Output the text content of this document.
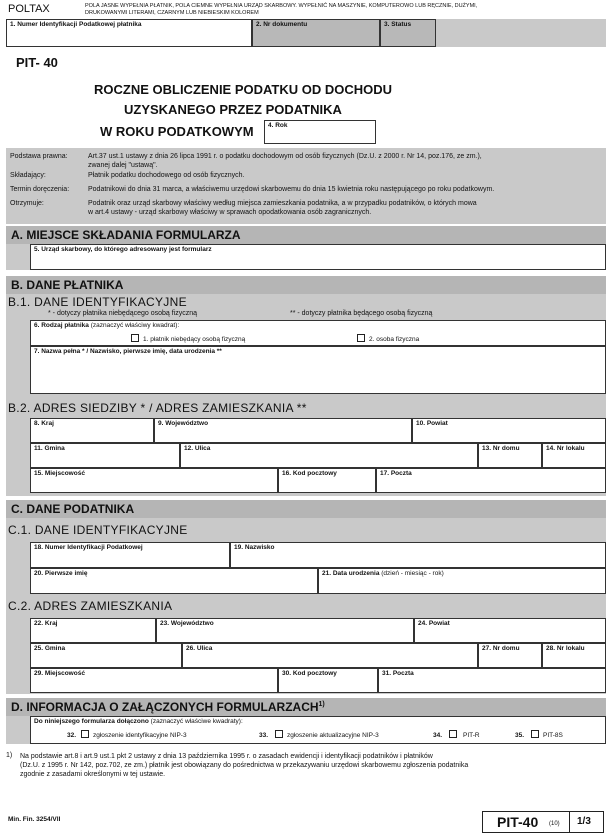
POLTAX	POLA JASNE WYPEŁNIA PŁATNIK, POLA CIEMNE WYPEŁNIA URZĄD SKARBOWY. WYPEŁNIĆ NA MASZYNIE, KOMPUTEROWO LUB RĘCZNIE, DUŻYMI,
DRUKOWANYMI LITERAMI, CZARNYM LUB NIEBIESKIM KOLOREM
1. Numer Identyfikacji Podatkowej płatnika	2. Nr dokumentu	3. Status
PIT- 40
ROCZNE OBLICZENIE PODATKU OD DOCHODU
UZYSKANEGO PRZEZ PODATNIKA
W ROKU PODATKOWYM 4. Rok
Podstawa prawna:	Art.37 ust.1 ustawy z dnia 26 lipca 1991 r. o podatku dochodowym od osób fizycznych (Dz.U. z 2000 r. Nr 14, poz.176, ze zm.),
zwanej dalej "ustawą".
Składający:	Płatnik podatku dochodowego od osób fizycznych.
Termin doręczenia:	Podatnikowi do dnia 31 marca, a właściwemu urzędowi skarbowemu do dnia 15 kwietnia roku następującego po roku podatkowym.
Otrzymuje:	Podatnik oraz urząd skarbowy właściwy według miejsca zamieszkania podatnika, a w przypadku podatników, o których mowa
w art.4 ustawy - urząd skarbowy właściwy w sprawach opodatkowania osób zagranicznych.
A. MIEJSCE SKŁADANIA FORMULARZA
5. Urząd skarbowy, do którego adresowany jest formularz
B. DANE PŁATNIKA
B.1. DANE IDENTYFIKACYJNE
* - dotyczy płatnika niebędącego osobą fizyczną	** - dotyczy płatnika będącego osobą fizyczną
6. Rodzaj płatnika (zaznaczyć właściwy kwadrat):
1. płatnik niebędący osobą fizyczną	2. osoba fizyczna
7. Nazwa pełna * / Nazwisko, pierwsze imię, data urodzenia **
B.2. ADRES SIEDZIBY * / ADRES ZAMIESZKANIA **
8. Kraj	9. Województwo	10. Powiat
11. Gmina	12. Ulica	13. Nr domu	14. Nr lokalu
15. Miejscowość	16. Kod pocztowy	17. Poczta
C. DANE PODATNIKA
C.1. DANE IDENTYFIKACYJNE
18. Numer Identyfikacji Podatkowej	19. Nazwisko
20. Pierwsze imię	21. Data urodzenia (dzień - miesiąc - rok)
C.2. ADRES ZAMIESZKANIA
22. Kraj	23. Województwo	24. Powiat
25. Gmina	26. Ulica	27. Nr domu	28. Nr lokalu
29. Miejscowość	30. Kod pocztowy	31. Poczta
D. INFORMACJA O ZAŁĄCZONYCH FORMULARZACH$^{1)}$
Do niniejszego formularza dołączono (zaznaczyć właściwe kwadraty):
32.	zgłoszenie identyfikacyjne NIP-3	33.	zgłoszenie aktualizacyjne NIP-3	34.	PIT-R	35.	PIT-8S
1) Na podstawie art.8 i art.9 ust.1 pkt 2 ustawy z dnia 13 października 1995 r. o zasadach ewidencji i identyfikacji podatników i płatników
(Dz.U. z 1995 r. Nr 142, poz.702, ze zm.) płatnik jest obowiązany do pośrednictwa w przekazywaniu urzędowi skarbowemu zgłoszenia podatnika
zgodnie z zasadami określonymi w tej ustawie.
Min. Fin. 3254/VII	PIT-40 (10) 1/3
